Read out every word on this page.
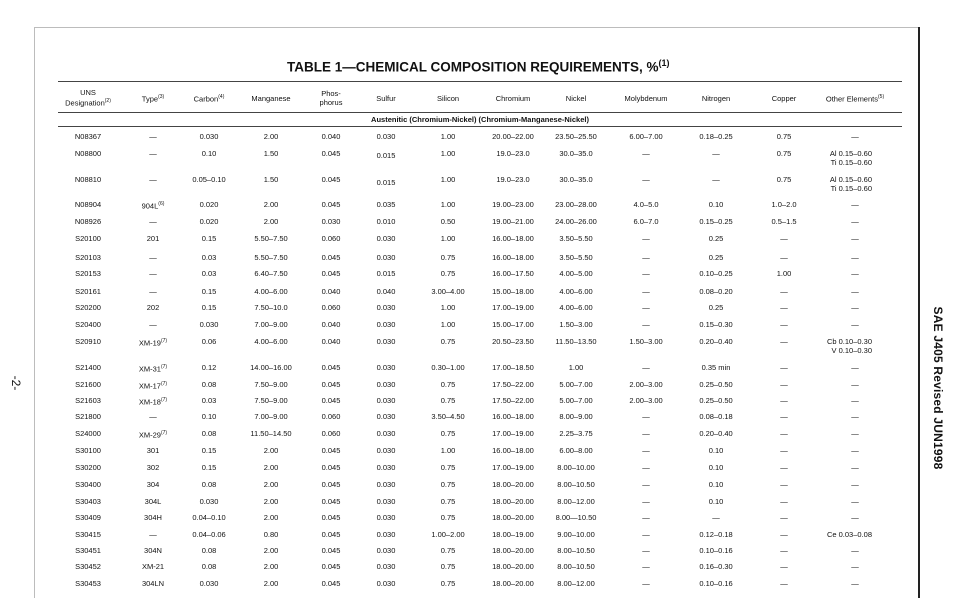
-2-	SAE J405 Revised JUN1998
TABLE 1—CHEMICAL COMPOSITION REQUIREMENTS, %$^{(1)}$
UNS
Designation$^{(2)}$	Type$^{(3)}$	Carbon$^{(4)}$	Manganese	Phos-
phorus	Sulfur	Silicon	Chromium	Nickel	Molybdenum	Nitrogen	Copper	Other Elements$^{(5)}$
Austenitic (Chromium-Nickel) (Chromium-Manganese-Nickel)
N08367	—	0.030	2.00	0.040	0.030	1.00	20.00–22.00	23.50–25.50	6.00–7.00	0.18–0.25	0.75	—
N08800	—	0.10	1.50	0.045	0.015	1.00	19.0–23.0	30.0–35.0	—	—	0.75	Al 0.15–0.60
Ti 0.15–0.60
N08810	—	0.05–0.10	1.50	0.045	0.015	1.00	19.0–23.0	30.0–35.0	—	—	0.75	Al 0.15–0.60
Ti 0.15–0.60
N08904	$904L^{(6)}$	0.020	2.00	0.045	0.035	1.00	19.00–23.00	23.00–28.00	4.0–5.0	0.10	1.0–2.0	—
N08926	—	0.020	2.00	0.030	0.010	0.50	19.00–21.00	24.00–26.00	6.0–7.0	0.15–0.25	0.5–1.5	—
S20100	201	0.15	5.50–7.50	0.060	0.030	1.00	16.00–18.00	3.50–5.50	—	0.25	—	—
S20103	—	0.03	5.50–7.50	0.045	0.030	0.75	16.00–18.00	3.50–5.50	—	0.25	—	—
S20153	—	0.03	6.40–7.50	0.045	0.015	0.75	16.00–17.50	4.00–5.00	—	0.10–0.25	1.00	—
S20161	—	0.15	4.00–6.00	0.040	0.040	3.00–4.00	15.00–18.00	4.00–6.00	—	0.08–0.20	—	—
S20200	202	0.15	7.50–10.0	0.060	0.030	1.00	17.00–19.00	4.00–6.00	—	0.25	—	—
S20400	—	0.030	7.00–9.00	0.040	0.030	1.00	15.00–17.00	1.50–3.00	—	0.15–0.30	—	—
S20910	XM-19$^{(7)}$	0.06	4.00–6.00	0.040	0.030	0.75	20.50–23.50	11.50–13.50	1.50–3.00	0.20–0.40	—	Cb 0.10–0.30
V 0.10–0.30
S21400	XM-31$^{(7)}$	0.12	14.00–16.00	0.045	0.030	0.30–1.00	17.00–18.50	1.00	—	0.35 min	—	—
S21600	XM-17$^{(7)}$	0.08	7.50–9.00	0.045	0.030	0.75	17.50–22.00	5.00–7.00	2.00–3.00	0.25–0.50	—	—
S21603	XM-18$^{(7)}$	0.03	7.50–9.00	0.045	0.030	0.75	17.50–22.00	5.00–7.00	2.00–3.00	0.25–0.50	—	—
S21800	—	0.10	7.00–9.00	0.060	0.030	3.50–4.50	16.00–18.00	8.00–9.00	—	0.08–0.18	—	—
S24000	XM-29$^{(7)}$	0.08	11.50–14.50	0.060	0.030	0.75	17.00–19.00	2.25–3.75	—	0.20–0.40	—	—
S30100	301	0.15	2.00	0.045	0.030	1.00	16.00–18.00	6.00–8.00	—	0.10	—	—
S30200	302	0.15	2.00	0.045	0.030	0.75	17.00–19.00	8.00–10.00	—	0.10	—	—
S30400	304	0.08	2.00	0.045	0.030	0.75	18.00–20.00	8.00–10.50	—	0.10	—	—
S30403	304L	0.030	2.00	0.045	0.030	0.75	18.00–20.00	8.00–12.00	—	0.10	—	—
S30409	304H	0.04–0.10	2.00	0.045	0.030	0.75	18.00–20.00	8.00—10.50	—	—	—	—
S30415	—	0.04–0.06	0.80	0.045	0.030	1.00–2.00	18.00–19.00	9.00–10.00	—	0.12–0.18	—	Ce 0.03–0.08
S30451	304N	0.08	2.00	0.045	0.030	0.75	18.00–20.00	8.00–10.50	—	0.10–0.16	—	—
S30452	XM-21	0.08	2.00	0.045	0.030	0.75	18.00–20.00	8.00–10.50	—	0.16–0.30	—	—
S30453	304LN	0.030	2.00	0.045	0.030	0.75	18.00–20.00	8.00–12.00	—	0.10–0.16	—	—
